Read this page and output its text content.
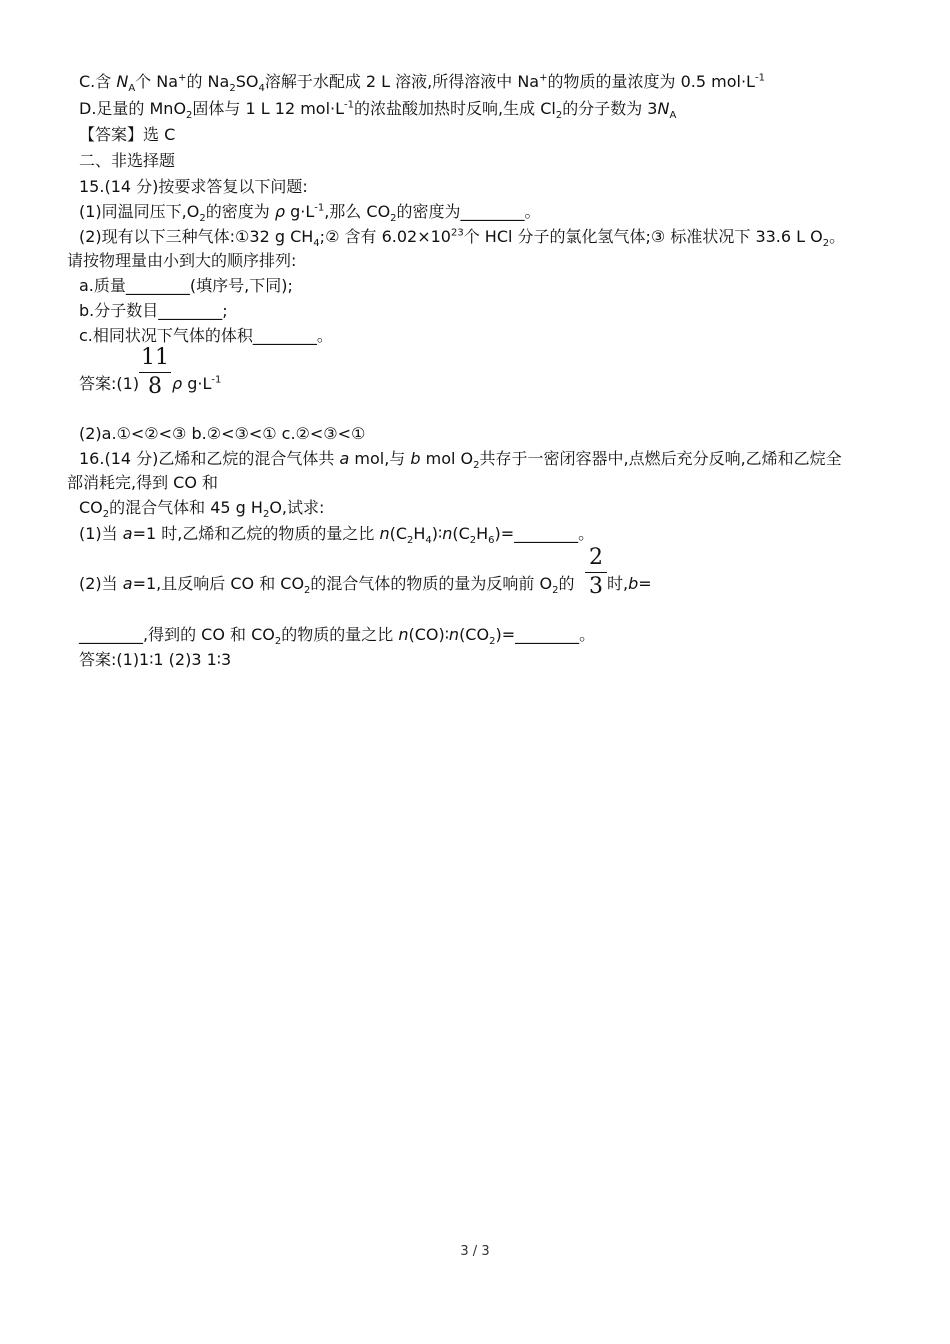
C.含 $N_A$个 Na+的 $Na_2SO_4$溶解于水配成 2 L 溶液,所得溶液中 Na+的物质的量浓度为 0.5 $mol\cdot L^{-1}$
D.足量的 MnO$_2$固体与 1 L 12 $mol\cdot L^{-1}$的浓盐酸加热时反响,生成 $Cl_2$的分子数为 $3N_A$
【答案】选 C
二、非选择题
15.(14 分)按要求答复以下问题:
(1)同温同压下$,O_2$的密度为 ρ $g\cdot L^{-1}$,那么 $CO_2$的密度为________。
(2)现有以下三种气体:①32 g $CH_4;②$ 含有 $6.02\times 10^{23}$个 HCl 分子的氯化氢气体;③ 标准状况下 33.6 L $O_2$。
请按物理量由小到大的顺序排列:
a.质量________(填序号,下同);
b.分子数目________;
c.相同状况下气体的体积________。
答案:(1)
11
8 ρ $g\cdot L^{-1}$
(2)a.①<②<③ b.②<③<① c.②<③<①
16.(14 分)乙烯和乙烷的混合气体共 a mol,与 b mol $O_2$共存于一密闭容器中,点燃后充分反响,乙烯和乙烷全
部消耗完,得到 CO 和
$CO_2$的混合气体和 45 g $H_2O$,试求:
(1)当 a=1 时,乙烯和乙烷的物质的量之比 $n(C_2H_4)∶n(C_2H_6)=\_\_\_\_\_\_\_\_$。
(2)当 a=1,且反响后 CO 和 $CO_2$的混合气体的物质的量为反响前 $O_2$的
2
3 时,b=
________,得到的 CO 和 $CO_2$的物质的量之比 $n(CO)∶n(CO_2)=\_\_\_\_\_\_\_\_$。
答案:(1)1∶1 (2)3 1∶3
3 / 3
